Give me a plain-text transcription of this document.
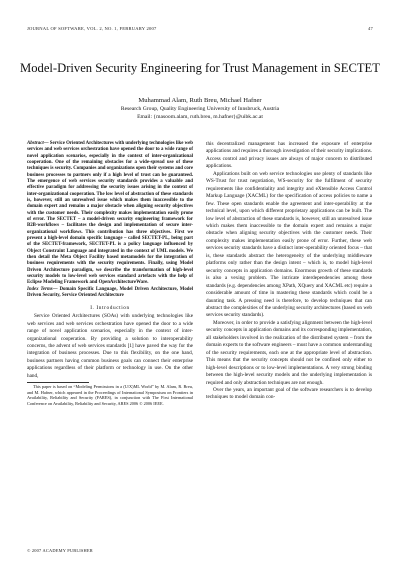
JOURNAL OF SOFTWARE, VOL. 2, NO. 1, FEBRUARY 2007	47
Model-Driven Security Engineering for Trust Management in SECTET
Muhammad Alam, Ruth Breu, Michael Hafner
Research Group, Quality Engineering University of Innsbruck, Austria
Email: {masoom.alam, ruth.breu, m.hafner}@uibk.ac.at
Abstract— Service Oriented Architectures with underlying technologies like web services and web services orchestration have opened the door to a wide range of novel application scenarios, especially in the context of inter-organizational cooperation. One of the remaining obstacles for a wide-spread use of these techniques is security. Companies and organizations open their systems and core business processes to partners only if a high level of trust can be guaranteed. The emergence of web services security standards provides a valuable and effective paradigm for addressing the security issues arising in the context of inter-organizational cooperation. The low level of abstraction of these standards is, however, still an unresolved issue which makes them inaccessible to the domain expert and remains a major obstacle when aligning security objectives with the customer needs. Their complexity makes implementation easily prone of error. The SECTET – a model-driven security engineering framework for B2B-workflows – facilitates the design and implementation of secure inter-organizational workflows. This contribution has three objectives. First we present a high-level domain specific language – called SECTET-PL, being part of the SECTET-framework, SECTET-PL is a policy language influenced by Object Constraint Language and integrated in the context of UML models. We then detail the Meta Object Facility based metamodels for the integration of business requirements with the security requirements. Finally, using Model Driven Architecture paradigm, we describe the transformation of high-level security models to low-level web services standard artefacts with the help of Eclipse Modeling Framework and OpenArchitectureWare.
Index Terms— Domain Specific Language, Model Driven Architecture, Model Driven Security, Service Oriented Architecture
I. Introduction

Service Oriented Architectures (SOAs) with underlying technologies like web services and web services orchestration have opened the door to a wide range of novel application scenarios, especially in the context of inter-organizational cooperation. By providing a solution to interoperability concerns, the advent of web services standards [1] have paved the way for the integration of business processes. Due to this flexibility, on the one hand, business partners having common business goals can connect their enterprise applications regardless of their platform or technology in use. On the other hand,

This paper is based on “Modeling Permissions in a (U/X)ML World” by M. Alam, R. Breu, and M. Hafner, which appeared in the Proceedings of International Symposium on Frontiers in Availability, Reliability and Security (FARES), in conjunction with The First International Conference on Availability, Reliability and Security, ARES 2006 © 2006 IEEE.

this decentralized management has increased the exposure of enterprise applications and requires a thorough investigation of their security implications. Access control and privacy issues are always of major concern to distributed applications.

Applications built on web service technologies use plenty of standards like WS-Trust for trust negotiation, WS-security for the fulfilment of security requirements like confidentiality and integrity and eXtensible Access Control Markup Language (XACML) for the specification of access policies to name a few. These open standards enable the agreement and inter-operability at the technical level, upon which different proprietary applications can be built. The low level of abstraction of these standards is, however, still an unresolved issue which makes them inaccessible to the domain expert and remains a major obstacle when aligning security objectives with the customer needs. Their complexity makes implementation easily prone of error. Further, these web services security standards have a distinct inter-operability oriented focus – that is, these standards abstract the heterogeneity of the underlying middleware platforms only rather than the design intent – which is, to model high-level security concepts in application domains. Enormous growth of these standards is also a vexing problem. The intricate interdependencies among these standards (e.g. dependencies among XPath, XQuery and XACML etc) require a considerable amount of time in mastering these standards which could be a daunting task. A pressing need is therefore, to develop techniques that can abstract the complexities of the underlying security architectures (based on web services security standards).

Moreover, in order to provide a satisfying alignment between the high-level security concepts in application domains and its corresponding implementation, all stakeholders involved in the realization of the distributed system – from the domain experts to the software engineers – must have a common understanding of the security requirements, each one at the appropriate level of abstraction. This means that the security concepts should not be confined only either to high-level descriptions or to low-level implementations. A very strong binding between the high-level security models and the underlying implementation is required and only abstraction techniques are not enough.

Over the years, an important goal of the software researchers is to develop techniques to model domain con-

© 2007 ACADEMY PUBLISHER
